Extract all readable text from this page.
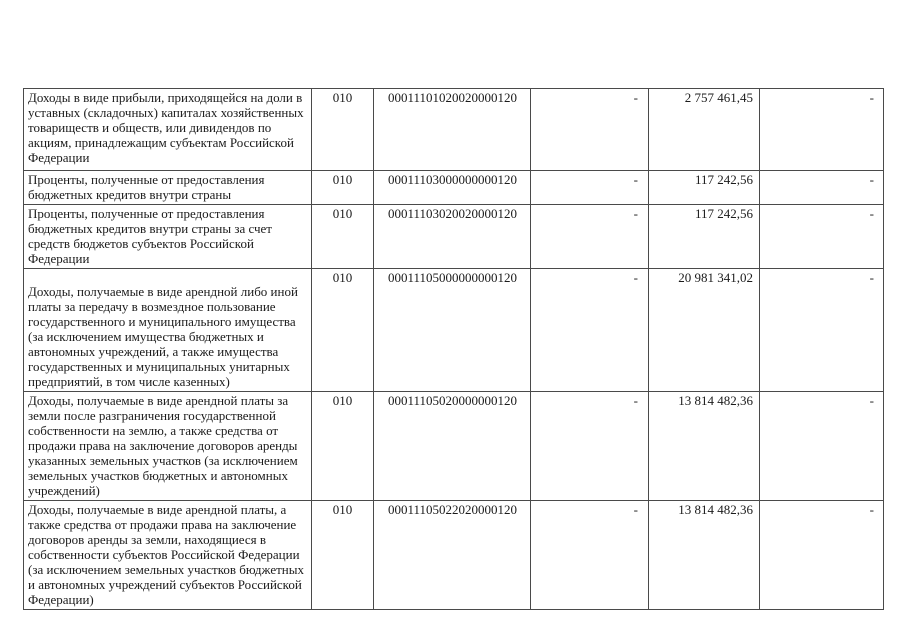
Доходы в виде прибыли, приходящейся на доли в уставных (складочных) капиталах хозяйственных товариществ и обществ, или дивидендов по акциям, принадлежащим субъектам Российской Федерации	010	00011101020020000120	-	2 757 461,45	-

Проценты, полученные от предоставления бюджетных кредитов внутри страны	010	00011103000000000120	-	117 242,56	-

Проценты, полученные от предоставления бюджетных кредитов внутри страны за счет средств бюджетов субъектов Российской Федерации	010	00011103020020000120	-	117 242,56	-

Доходы, получаемые в виде арендной либо иной платы за передачу в возмездное пользование государственного и муниципального имущества (за исключением имущества бюджетных и автономных учреждений, а также имущества государственных и муниципальных унитарных предприятий, в том числе казенных)	010	00011105000000000120	-	20 981 341,02	-

Доходы, получаемые в виде арендной платы за земли после разграничения государственной собственности на землю, а также средства от продажи права на заключение договоров аренды указанных земельных участков (за исключением земельных участков бюджетных и автономных учреждений)	010	00011105020000000120	-	13 814 482,36	-

Доходы, получаемые в виде арендной платы, а также средства от продажи права на заключение договоров аренды за земли, находящиеся в собственности субъектов Российской Федерации (за исключением земельных участков бюджетных и автономных учреждений субъектов Российской Федерации)	010	00011105022020000120	-	13 814 482,36	-
